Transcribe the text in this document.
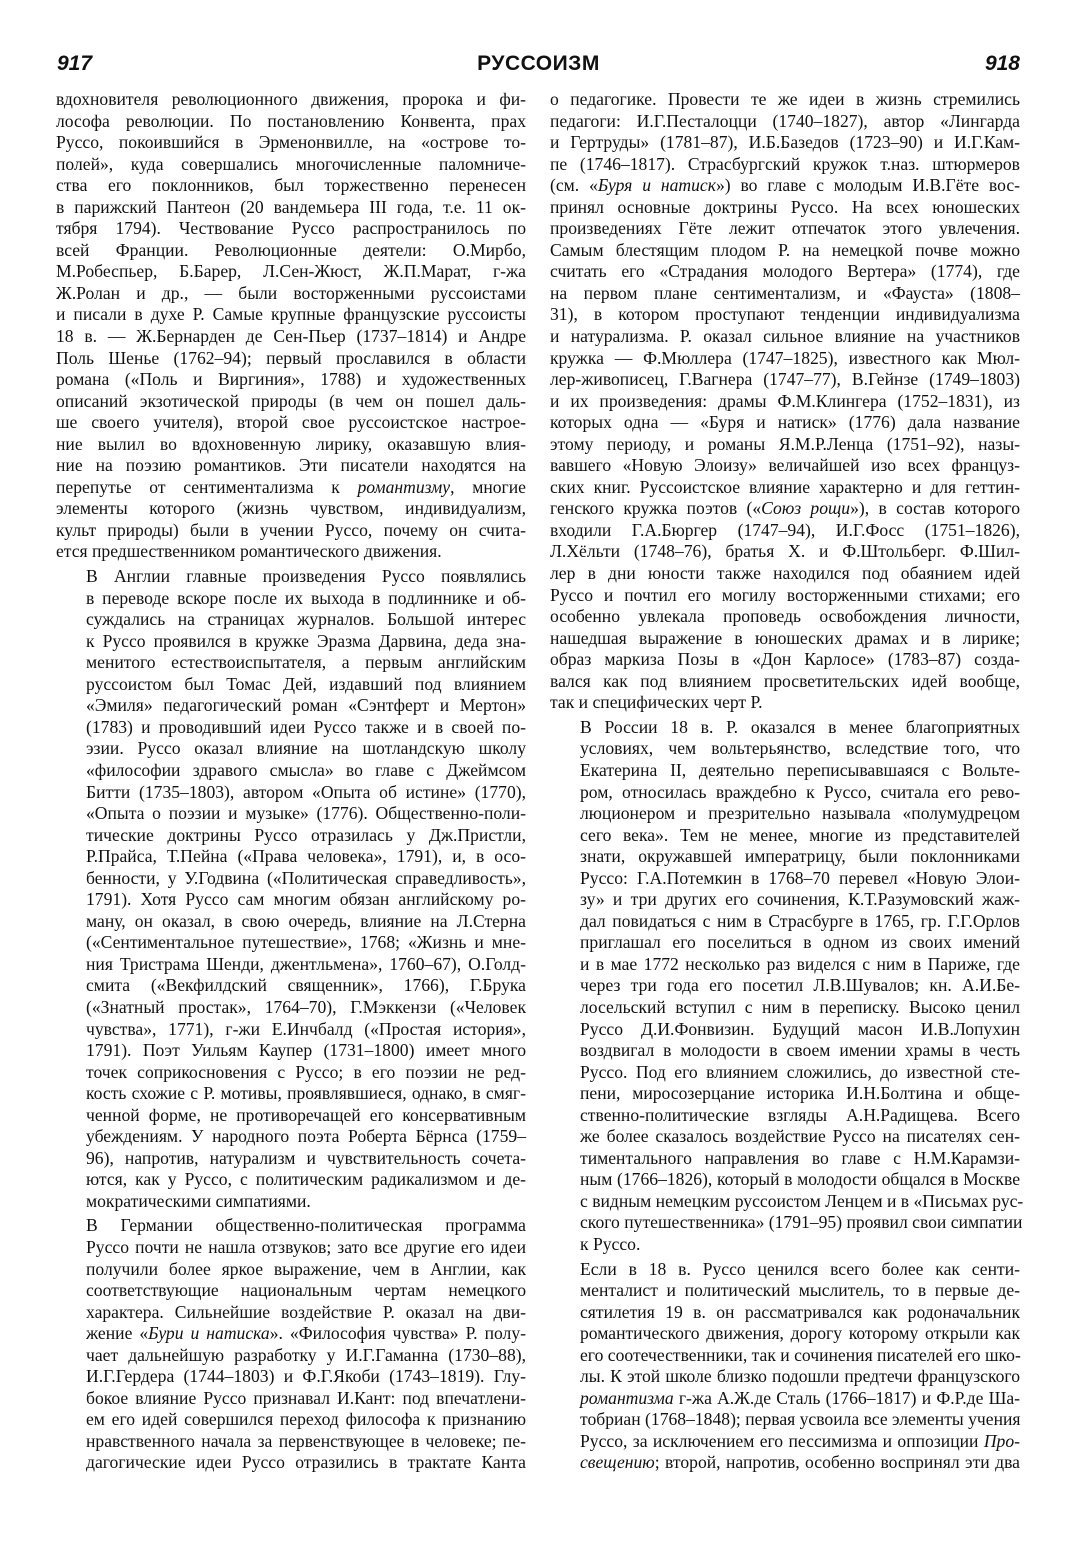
917	РУССОИЗМ	918

вдохновителя революционного движения, пророка и фи-
лософа революции. По постановлению Конвента, прах
Руссо, покоившийся в Эрменонвилле, на «острове то-
полей», куда совершались многочисленные паломниче-
ства его поклонников, был торжественно перенесен
в парижский Пантеон (20 вандемьера III года, т.е. 11 ок-
тября 1794). Чествование Руссо распространилось по
всей Франции. Революционные деятели: О.Мирбо,
М.Робеспьер, Б.Барер, Л.Сен-Жюст, Ж.П.Марат, г-жа
Ж.Ролан и др., — были восторженными руссоистами
и писали в духе Р. Самые крупные французские руссоисты
18 в. — Ж.Бернарден де Сен-Пьер (1737–1814) и Андре
Поль Шенье (1762–94); первый прославился в области
романа («Поль и Виргиния», 1788) и художественных
описаний экзотической природы (в чем он пошел даль-
ше своего учителя), второй свое руссоистское настрое-
ние вылил во вдохновенную лирику, оказавшую влия-
ние на поэзию романтиков. Эти писатели находятся на
перепутье от сентиментализма к романтизму, многие
элементы которого (жизнь чувством, индивидуализм,
культ природы) были в учении Руссо, почему он счита-
ется предшественником романтического движения.

В Англии главные произведения Руссо появлялись
в переводе вскоре после их выхода в подлиннике и об-
суждались на страницах журналов. Большой интерес
к Руссо проявился в кружке Эразма Дарвина, деда зна-
менитого естествоиспытателя, а первым английским
руссоистом был Томас Дей, издавший под влиянием
«Эмиля» педагогический роман «Сэнтферт и Мертон»
(1783) и проводивший идеи Руссо также и в своей по-
эзии. Руссо оказал влияние на шотландскую школу
«философии здравого смысла» во главе с Джеймсом
Битти (1735–1803), автором «Опыта об истине» (1770),
«Опыта о поэзии и музыке» (1776). Общественно-поли-
тические доктрины Руссо отразилась у Дж.Пристли,
Р.Прайса, Т.Пейна («Права человека», 1791), и, в осо-
бенности, у У.Годвина («Политическая справедливость»,
1791). Хотя Руссо сам многим обязан английскому ро-
ману, он оказал, в свою очередь, влияние на Л.Стерна
(«Сентиментальное путешествие», 1768; «Жизнь и мне-
ния Тристрама Шенди, джентльмена», 1760–67), О.Голд-
смита («Векфилдский священник», 1766), Г.Брука
(«Знатный простак», 1764–70), Г.Мэккензи («Человек
чувства», 1771), г-жи Е.Инчбалд («Простая история»,
1791). Поэт Уильям Каупер (1731–1800) имеет много
точек соприкосновения с Руссо; в его поэзии не ред-
кость схожие с Р. мотивы, проявлявшиеся, однако, в смяг-
ченной форме, не противоречащей его консервативным
убеждениям. У народного поэта Роберта Бёрнса (1759–
96), напротив, натурализм и чувствительность сочета-
ются, как у Руссо, с политическим радикализмом и де-
мократическими симпатиями.

В Германии общественно-политическая программа
Руссо почти не нашла отзвуков; зато все другие его идеи
получили более яркое выражение, чем в Англии, как
соответствующие национальным чертам немецкого
характера. Сильнейшие воздействие Р. оказал на дви-
жение «Бури и натиска». «Философия чувства» Р. полу-
чает дальнейшую разработку у И.Г.Гаманна (1730–88),
И.Г.Гердера (1744–1803) и Ф.Г.Якоби (1743–1819). Глу-
бокое влияние Руссо признавал И.Кант: под впечатлени-
ем его идей совершился переход философа к признанию
нравственного начала за первенствующее в человеке; пе-
дагогические идеи Руссо отразились в трактате Канта

о педагогике. Провести те же идеи в жизнь стремились
педагоги: И.Г.Песталоцци (1740–1827), автор «Лингарда
и Гертруды» (1781–87), И.Б.Базедов (1723–90) и И.Г.Кам-
пе (1746–1817). Страсбургский кружок т.наз. штюрмеров
(см. «Буря и натиск») во главе с молодым И.В.Гёте вос-
принял основные доктрины Руссо. На всех юношеских
произведениях Гёте лежит отпечаток этого увлечения.
Самым блестящим плодом Р. на немецкой почве можно
считать его «Страдания молодого Вертера» (1774), где
на первом плане сентиментализм, и «Фауста» (1808–
31), в котором проступают тенденции индивидуализма
и натурализма. Р. оказал сильное влияние на участников
кружка — Ф.Мюллера (1747–1825), известного как Мюл-
лер-живописец, Г.Вагнера (1747–77), В.Гейнзе (1749–1803)
и их произведения: драмы Ф.М.Клингера (1752–1831), из
которых одна — «Буря и натиск» (1776) дала название
этому периоду, и романы Я.М.Р.Ленца (1751–92), назы-
вавшего «Новую Элоизу» величайшей изо всех француз-
ских книг. Руссоистское влияние характерно и для геттин-
генского кружка поэтов («Союз рощи»), в состав которого
входили Г.А.Бюргер (1747–94), И.Г.Фосс (1751–1826),
Л.Хёльти (1748–76), братья Х. и Ф.Штольберг. Ф.Шил-
лер в дни юности также находился под обаянием идей
Руссо и почтил его могилу восторженными стихами; его
особенно увлекала проповедь освобождения личности,
нашедшая выражение в юношеских драмах и в лирике;
образ маркиза Позы в «Дон Карлосе» (1783–87) созда-
вался как под влиянием просветительских идей вообще,
так и специфических черт Р.

В России 18 в. Р. оказался в менее благоприятных
условиях, чем вольтерьянство, вследствие того, что
Екатерина II, деятельно переписывавшаяся с Вольте-
ром, относилась враждебно к Руссо, считала его рево-
люционером и презрительно называла «полумудрецом
сего века». Тем не менее, многие из представителей
знати, окружавшей императрицу, были поклонниками
Руссо: Г.А.Потемкин в 1768–70 перевел «Новую Элои-
зу» и три других его сочинения, К.Т.Разумовский жаж-
дал повидаться с ним в Страсбурге в 1765, гр. Г.Г.Орлов
приглашал его поселиться в одном из своих имений
и в мае 1772 несколько раз виделся с ним в Париже, где
через три года его посетил Л.В.Шувалов; кн. А.И.Бе-
лосельский вступил с ним в переписку. Высоко ценил
Руссо Д.И.Фонвизин. Будущий масон И.В.Лопухин
воздвигал в молодости в своем имении храмы в честь
Руссо. Под его влиянием сложились, до известной сте-
пени, миросозерцание историка И.Н.Болтина и обще-
ственно-политические взгляды А.Н.Радищева. Всего
же более сказалось воздействие Руссо на писателях сен-
тиментального направления во главе с Н.М.Карамзи-
ным (1766–1826), который в молодости общался в Москве
с видным немецким руссоистом Ленцем и в «Письмах рус-
ского путешественника» (1791–95) проявил свои симпатии
к Руссо.

Если в 18 в. Руссо ценился всего более как сенти-
менталист и политический мыслитель, то в первые де-
сятилетия 19 в. он рассматривался как родоначальник
романтического движения, дорогу которому открыли как
его соотечественники, так и сочинения писателей его шко-
лы. К этой школе близко подошли предтечи французского
романтизма г-жа А.Ж.де Сталь (1766–1817) и Ф.Р.де Ша-
тобриан (1768–1848); первая усвоила все элементы учения
Руссо, за исключением его пессимизма и оппозиции Про-
свещению; второй, напротив, особенно воспринял эти два
